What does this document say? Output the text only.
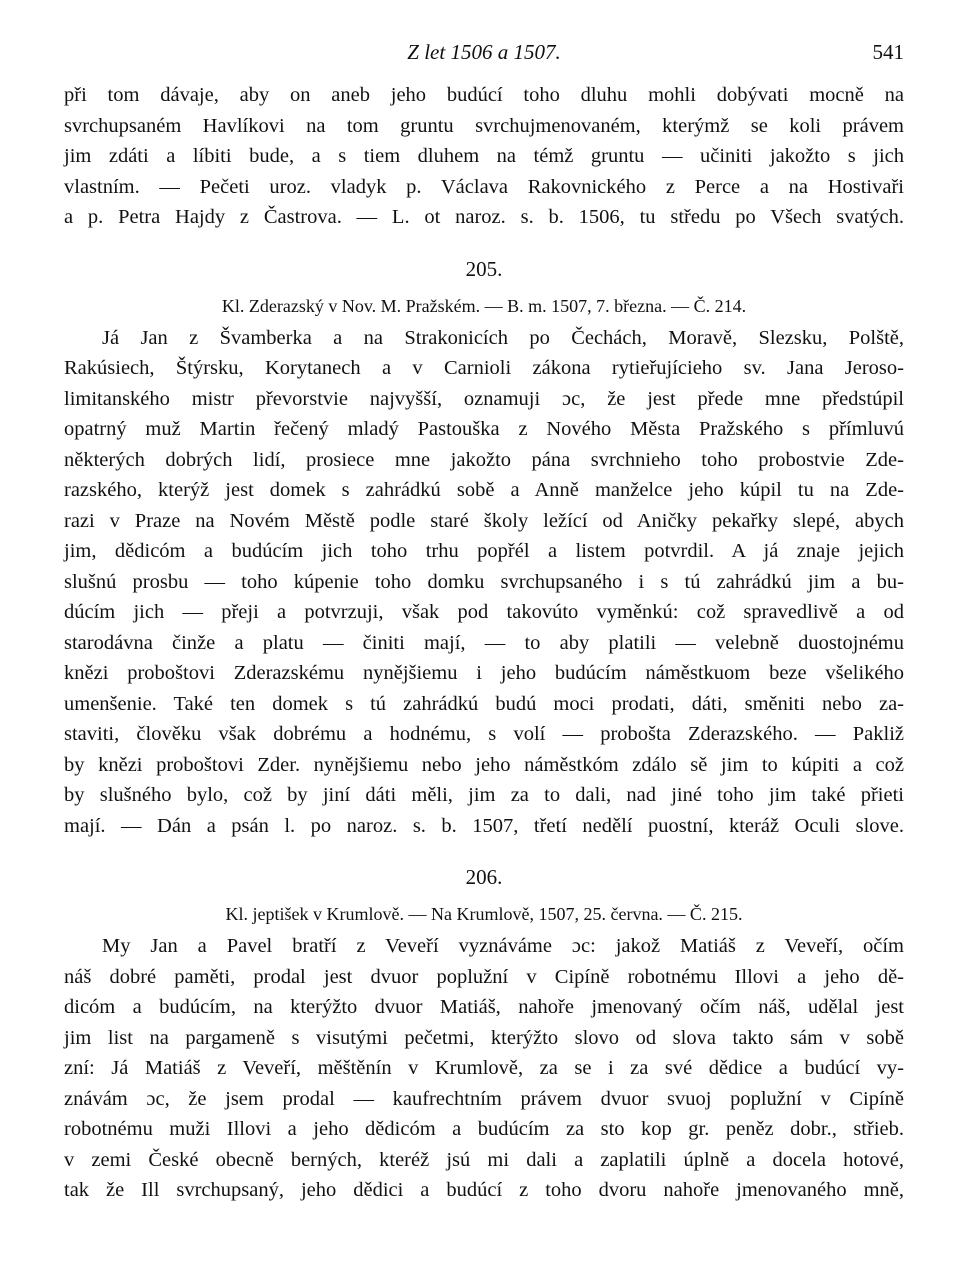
Z let 1506 a 1507.	541

při tom dávaje, aby on aneb jeho budúcí toho dluhu mohli dobývati mocně na
svrchupsaném Havlíkovi na tom gruntu svrchujmenovaném, kterýmž se koli právem
jim zdáti a líbiti bude, a s tiem dluhem na témž gruntu — učiniti jakožto s jich
vlastním. — Pečeti uroz. vladyk p. Václava Rakovnického z Perce a na Hostivaři
a p. Petra Hajdy z Častrova. — L. ot naroz. s. b. 1506, tu středu po Všech svatých.

205.
Kl. Zderazský v Nov. M. Pražském. — B. m. 1507, 7. března. — Č. 214.

Já Jan z Švamberka a na Strakonicích po Čechách, Moravě, Slezsku, Polště,
Rakúsiech, Štýrsku, Korytanech a v Carnioli zákona rytieřujícieho sv. Jana Jeroso-
limitanského mistr převorstvie najvyšší, oznamuji ɔc, že jest přede mne předstúpil
opatrný muž Martin řečený mladý Pastouška z Nového Města Pražského s přímluvú
některých dobrých lidí, prosiece mne jakožto pána svrchnieho toho probostvie Zde-
razského, kterýž jest domek s zahrádkú sobě a Anně manželce jeho kúpil tu na Zde-
razi v Praze na Novém Městě podle staré školy ležící od Aničky pekařky slepé, abych
jim, dědicóm a budúcím jich toho trhu popřél a listem potvrdil. A já znaje jejich
slušnú prosbu — toho kúpenie toho domku svrchupsaného i s tú zahrádkú jim a bu-
dúcím jich — přeji a potvrzuji, však pod takovúto vyměnkú: což spravedlivě a od
starodávna činže a platu — činiti mají, — to aby platili — velebně duostojnému
knězi proboštovi Zderazskému nynějšiemu i jeho budúcím náměstkuom beze všelikého
umenšenie. Také ten domek s tú zahrádkú budú moci prodati, dáti, směniti nebo za-
staviti, člověku však dobrému a hodnému, s volí — probošta Zderazského. — Pakliž
by knězi proboštovi Zder. nynějšiemu nebo jeho náměstkóm zdálo sě jim to kúpiti a což
by slušného bylo, což by jiní dáti měli, jim za to dali, nad jiné toho jim také přieti
mají. — Dán a psán l. po naroz. s. b. 1507, třetí nedělí puostní, kteráž Oculi slove.

206.
Kl. jeptišek v Krumlově. — Na Krumlově, 1507, 25. června. — Č. 215.

My Jan a Pavel bratří z Veveří vyznáváme ɔc: jakož Matiáš z Veveří, očím
náš dobré paměti, prodal jest dvuor poplužní v Cipíně robotnému Illovi a jeho dě-
dicóm a budúcím, na kterýžto dvuor Matiáš, nahoře jmenovaný očím náš, udělal jest
jim list na pargameně s visutými pečetmi, kterýžto slovo od slova takto sám v sobě
zní: Já Matiáš z Veveří, měštěnín v Krumlově, za se i za své dědice a budúcí vy-
znávám ɔc, že jsem prodal — kaufrechtním právem dvuor svuoj poplužní v Cipíně
robotnému muži Illovi a jeho dědicóm a budúcím za sto kop gr. peněz dobr., střieb.
v zemi České obecně berných, kteréž jsú mi dali a zaplatili úplně a docela hotové,
tak že Ill svrchupsaný, jeho dědici a budúcí z toho dvoru nahoře jmenovaného mně,
